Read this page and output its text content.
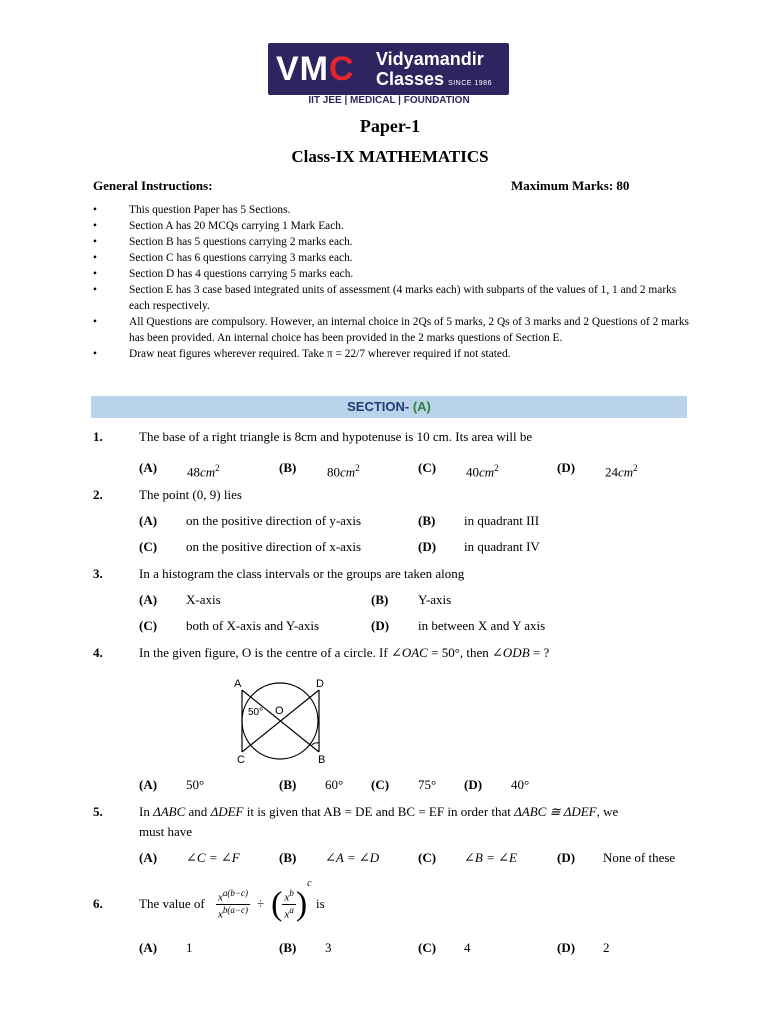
VMC Vidyamandir
Classes SINCE 1986
IIT JEE | MEDICAL | FOUNDATION
Paper-1
Class-IX MATHEMATICS
General Instructions:	Maximum Marks: 80
•	This question Paper has 5 Sections.
•	Section A has 20 MCQs carrying 1 Mark Each.
•	Section B has 5 questions carrying 2 marks each.
•	Section C has 6 questions carrying 3 marks each.
•	Section D has 4 questions carrying 5 marks each.
•	Section E has 3 case based integrated units of assessment (4 marks each) with subparts of the values of 1, 1 and 2 marks each respectively.
•	All Questions are compulsory. However, an internal choice in 2Qs of 5 marks, 2 Qs of 3 marks and 2 Questions of 2 marks has been provided. An internal choice has been provided in the 2 marks questions of Section E.
•	Draw neat figures wherever required. Take π = 22/7 wherever required if not stated.
SECTION- (A)
1.	The base of a right triangle is 8cm and hypotenuse is 10 cm. Its area will be
(A) $48cm^2$	(B) $80cm^2$	(C) $40cm^2$	(D) $24cm^2$
2.	The point (0, 9) lies
(A) on the positive direction of y-axis	(B) in quadrant III
(C) on the positive direction of x-axis	(D) in quadrant IV
3.	In a histogram the class intervals or the groups are taken along
(A) X-axis	(B) Y-axis
(C) both of X-axis and Y-axis	(D) in between X and Y axis
4.	In the given figure, O is the centre of a circle. If ∠OAC = 50°, then ∠ODB = ?
A	D
C	B
O
50°
(A) 50°	(B) 60° (C) 75° (D) 40°
5.	In ΔABC and ΔDEF it is given that AB = DE and BC = EF in order that ΔABC ≅ ΔDEF, we
must have
(A) ∠C = ∠F	(B) ∠A = ∠D	(C) ∠B = ∠E	(D) None of these
6.	The value of $\frac{x^{a(b-c)}}{x^{b(a-c)}}$ ÷ ( $\frac{x^b}{x^a} )^c$
is
(A) 1	(B) 3	(C) 4	(D) 2
